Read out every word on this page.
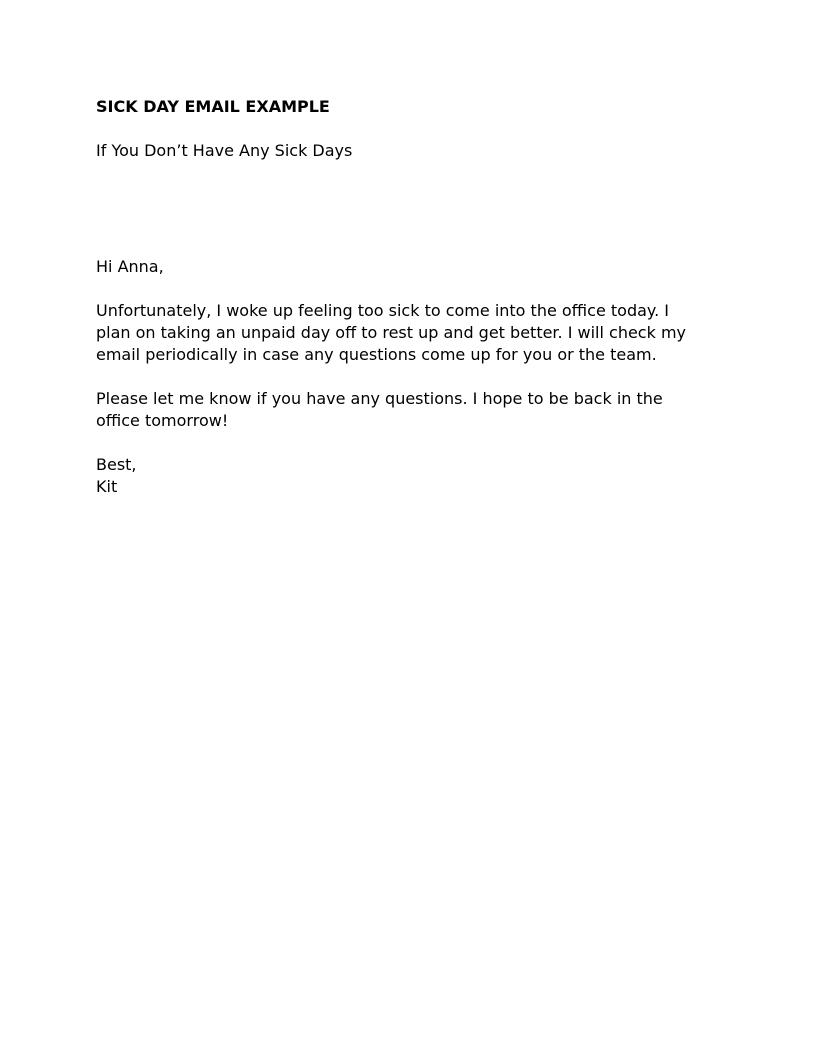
SICK DAY EMAIL EXAMPLE
If You Don’t Have Any Sick Days
Hi Anna,
Unfortunately, I woke up feeling too sick to come into the office today. I
plan on taking an unpaid day off to rest up and get better. I will check my
email periodically in case any questions come up for you or the team.
Please let me know if you have any questions. I hope to be back in the
office tomorrow!
Best,
Kit
